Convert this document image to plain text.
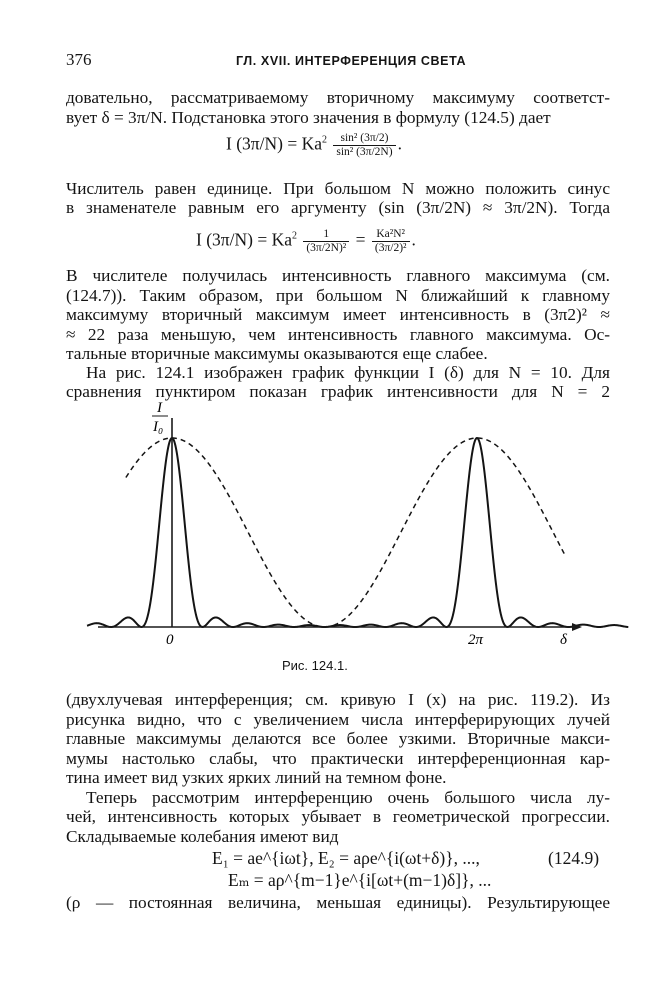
376	ГЛ. XVII. ИНТЕРФЕРЕНЦИЯ СВЕТА
довательно, рассматриваемому вторичному максимуму соответст-
вует δ = 3π/N. Подстановка этого значения в формулу (124.5) дает
I $(3\pi/N) = Ka^2 \frac{\text{sin² (3π/2)}}{\text{sin² (3π/2N)}}$ .
Числитель равен единице. При большом N можно положить синус
в знаменателе равным его аргументу (sin (3π/2N) ≈ 3π/2N). Тогда
I $(3\pi/N) = Ka^2 \frac{1}{\text{(3π/2N)²}} = \frac{\text{Ka²N²}}{\text{(3π/2)²}}$ .
В числителе получилась интенсивность главного максимума (см.
(124.7)). Таким образом, при большом N ближайший к главному
максимуму вторичный максимум имеет интенсивность в (3π2)² ≈
≈ 22 раза меньшую, чем интенсивность главного максимума. Ос-
тальные вторичные максимумы оказываются еще слабее.
На рис. 124.1 изображен график функции I (δ) для N = 10. Для
сравнения пунктиром показан график интенсивности для N = 2
I
I₀
0	2π	δ
Рис. 124.1.
(двухлучевая интерференция; см. кривую I (x) на рис. 119.2). Из
рисунка видно, что с увеличением числа интерферирующих лучей
главные максимумы делаются все более узкими. Вторичные макси-
мумы настолько слабы, что практически интерференционная кар-
тина имеет вид узких ярких линий на темном фоне.
Теперь рассмотрим интерференцию очень большого числа лу-
чей, интенсивность которых убывает в геометрической прогрессии.
Складываемые колебания имеют вид
E₁ = ae^{iωt}, E₂ = aρe^{i(ωt+δ)}, ...,
Eₘ = aρ^{m−1}e^{i[ωt+(m−1)δ]}, ...
(124.9)
(ρ — постоянная величина, меньшая единицы). Результирующее
